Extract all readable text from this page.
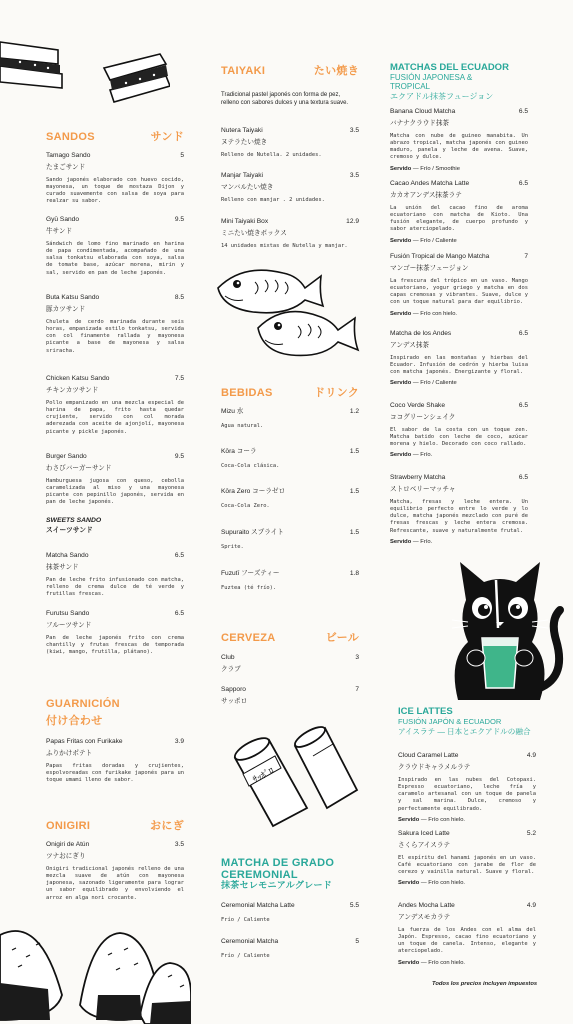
SANDOS	サンド
Tamago Sando	5
たまごサンド
Sando japonés elaborado con huevo cocido, mayonesa, un toque de mostaza Dijon y curado suavemente con salsa de soya para realzar su sabor.
Gyū Sando	9.5
牛サンド
Sándwich de lomo fino marinado en harina de papa condimentada, acompañado de una salsa tonkatsu elaborada con soya, salsa de tomate base, azúcar morena, mirin y sal, servido en pan de leche japonés.
Buta Katsu Sando	8.5
豚カツサンド
Chuleta de cerdo marinada durante seis horas, empanizada estilo tonkatsu, servida con col finamente rallada y mayonesa picante a base de mayonesa y salsa sriracha.
Chicken Katsu Sando	7.5
チキンカツサンド
Pollo empanizado en una mezcla especial de harina de papa, frito hasta quedar crujiente, servido con col morada aderezada con aceite de ajonjolí, mayonesa picante y pickle japonés.
Burger Sando	9.5
わさびバーガーサンド
Hamburguesa jugosa con queso, cebolla caramelizada al miso y una mayonesa picante con pepinillo japonés, servida en pan de leche japonés.
SWEETS SANDO
スイーツサンド
Matcha Sando	6.5
抹茶サンド
Pan de leche frito infusionado con matcha, relleno de crema dulce de té verde y frutillas frescas.
Furutsu Sando	6.5
フルーツサンド
Pan de leche japonés frito con crema chantilly y frutas frescas de temporada (kiwi, mango, frutilla, plátano).
GUARNICIÓN
付け合わせ
Papas Fritas con Furikake	3.9
ふりかけポテト
Papas fritas doradas y crujientes, espolvoreadas con furikake japonés para un toque umami lleno de sabor.
ONIGIRI	おにぎ
Onigiri de Atún	3.5
ツナおにぎり
Onigiri tradicional japonés relleno de una mezcla suave de atún con mayonesa japonesa, sazonado ligeramente para lograr un sabor equilibrado y envolviendo el arroz en alga nori crocante.
TAIYAKI	たい焼き
Tradicional pastel japonés con forma de pez, relleno con sabores dulces y una textura suave.
Nutera Taiyaki	3.5
ヌテラたい焼き
Relleno de Nutella. 2 unidades.
Manjar Taiyaki	3.5
マンバルたい焼き
Relleno con manjar . 2 unidades.
Mini Taiyaki Box	12.9
ミニたい焼きボックス
14 unidades mixtas de Nutella y manjar.
BEBIDAS	ドリンク
Mizu 水	1.2
Agua natural.
Kōra コーラ	1.5
Coca-Cola clásica.
Kōra Zero コーラゼロ	1.5
Coca-Cola Zero.
Supuraito スプライト	1.5
Sprite.
Fuzutī フーズティー	1.8
Fuztea (té frío).
CERVEZA	ビール
Club	3
クラブ
Sapporo	7
サッポロ
ｻｯﾎﾟﾛ
MATCHA DE GRADO
CEREMONIAL
抹茶セレモニアルグレード
Ceremonial Matcha Latte	5.5
Frío / Caliente
Ceremonial Matcha	5
Frío / Caliente
MATCHAS DEL ECUADOR
FUSIÓN JAPONESA & TROPICAL
エクアドル抹茶フュージョン
Banana Cloud Matcha	6.5
バナナクラウド抹茶
Matcha con nube de guineo manabita. Un abrazo tropical, matcha japonés con guineo maduro, panela y leche de avena. Suave, cremoso y dulce.
Servido — Frío / Smoothie
Cacao Andes Matcha Latte	6.5
カカオアンデス抹茶ラテ
La unión del cacao fino de aroma ecuatoriano con matcha de Kioto. Una fusión elegante, de cuerpo profundo y sabor aterciopelado.
Servido — Frío / Caliente
Fusión Tropical de Mango Matcha	7
マンゴー抹茶フュージョン
La frescura del trópico en un vaso. Mango ecuatoriano, yogur griego y matcha en dos capas cremosas y vibrantes. Suave, dulce y con un toque natural para dar equilibrio.
Servido — Frío con hielo.
Matcha de los Andes	6.5
アンデス抹茶
Inspirado en las montañas y hierbas del Ecuador. Infusión de cedrón y hierba luisa con matcha japonés. Energizante y floral.
Servido — Frío / Caliente
Coco Verde Shake	6.5
ココグリーンシェイク
El sabor de la costa con un toque zen. Matcha batido con leche de coco, azúcar morena y hielo. Decorado con coco rallado.
Servido — Frío.
Strawberry Matcha	6.5
ストロベリーマッチャ
Matcha, fresas y leche entera. Un equilibrio perfecto entre lo verde y lo dulce, matcha japonés mezclado con puré de fresas frescas y leche entera cremosa. Refrescante, suave y naturalmente frutal.
Servido — Frío.
ICE LATTES
FUSIÓN JAPÓN & ECUADOR
アイスラテ — 日本とエクアドルの融合
Cloud Caramel Latte	4.9
クラウドキャラメルラテ
Inspirado en las nubes del Cotopaxi. Espresso ecuatoriano, leche fría y caramelo artesanal con un toque de panela y sal marina. Dulce, cremoso y perfectamente equilibrado.
Servido — Frío con hielo.
Sakura Iced Latte	5.2
さくらアイスラテ
El espíritu del hanami japonés en un vaso. Café ecuatoriano con jarabe de flor de cerezo y vainilla natural. Suave y floral.
Servido — Frío con hielo.
Andes Mocha Latte	4.9
アンデスモカラテ
La fuerza de los Andes con el alma del Japón. Espresso, cacao fino ecuatoriano y un toque de canela. Intenso, elegante y aterciopelado.
Servido — Frío con hielo.
Todos los precios incluyen impuestos
